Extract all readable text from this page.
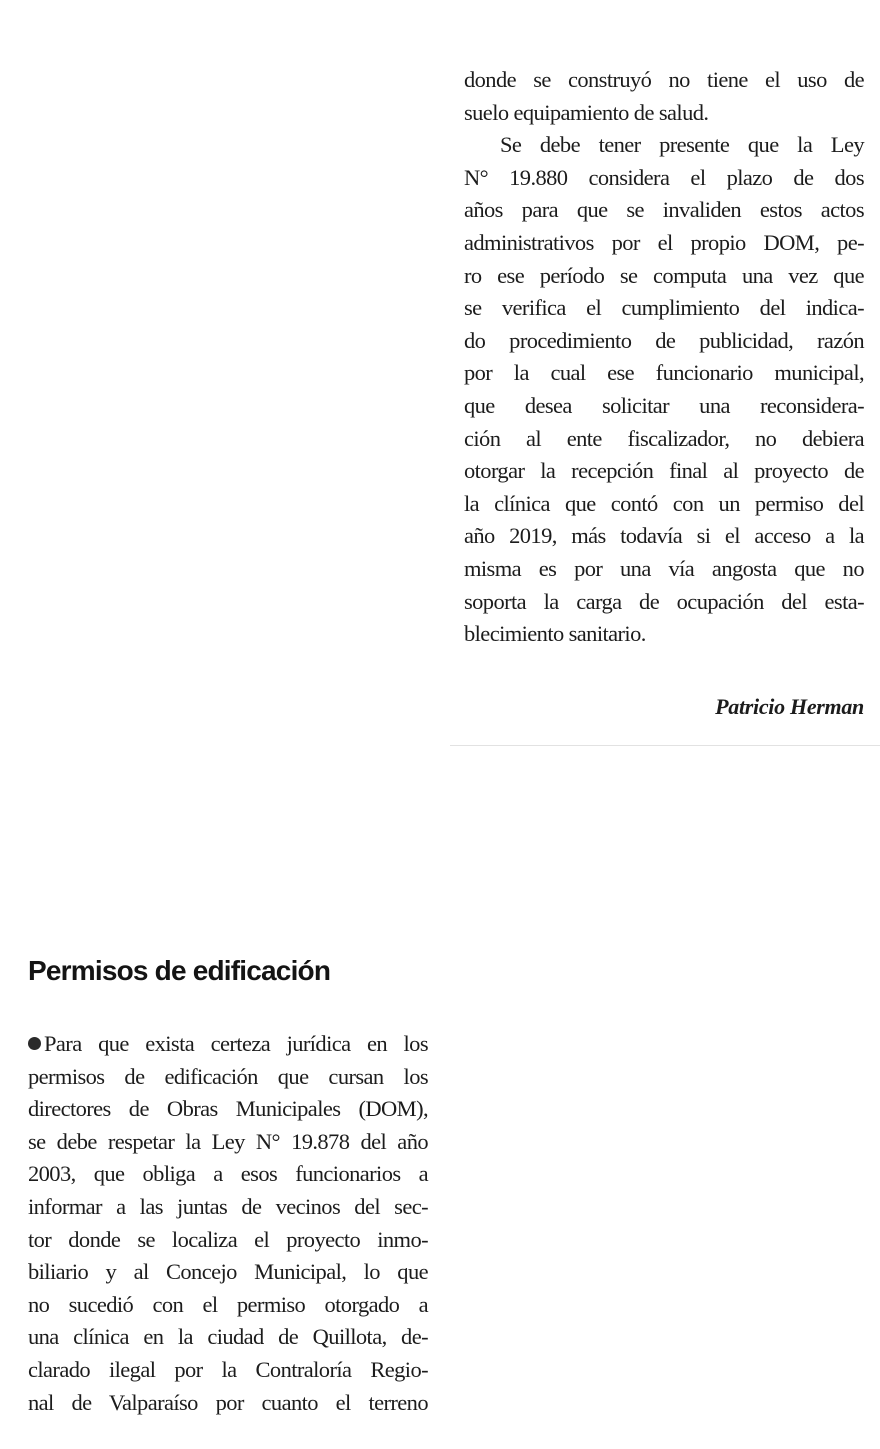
donde se construyó no tiene el uso de
suelo equipamiento de salud.
Se debe tener presente que la Ley
N° 19.880 considera el plazo de dos
años para que se invaliden estos actos
administrativos por el propio DOM, pe-
ro ese período se computa una vez que
se verifica el cumplimiento del indica-
do procedimiento de publicidad, razón
por la cual ese funcionario municipal,
que desea solicitar una reconsidera-
ción al ente fiscalizador, no debiera
otorgar la recepción final al proyecto de
la clínica que contó con un permiso del
año 2019, más todavía si el acceso a la
misma es por una vía angosta que no
soporta la carga de ocupación del esta-
blecimiento sanitario.
Patricio Herman
Permisos de edificación
Para que exista certeza jurídica en los
permisos de edificación que cursan los
directores de Obras Municipales (DOM),
se debe respetar la Ley N° 19.878 del año
2003, que obliga a esos funcionarios a
informar a las juntas de vecinos del sec-
tor donde se localiza el proyecto inmo-
biliario y al Concejo Municipal, lo que
no sucedió con el permiso otorgado a
una clínica en la ciudad de Quillota, de-
clarado ilegal por la Contraloría Regio-
nal de Valparaíso por cuanto el terreno
